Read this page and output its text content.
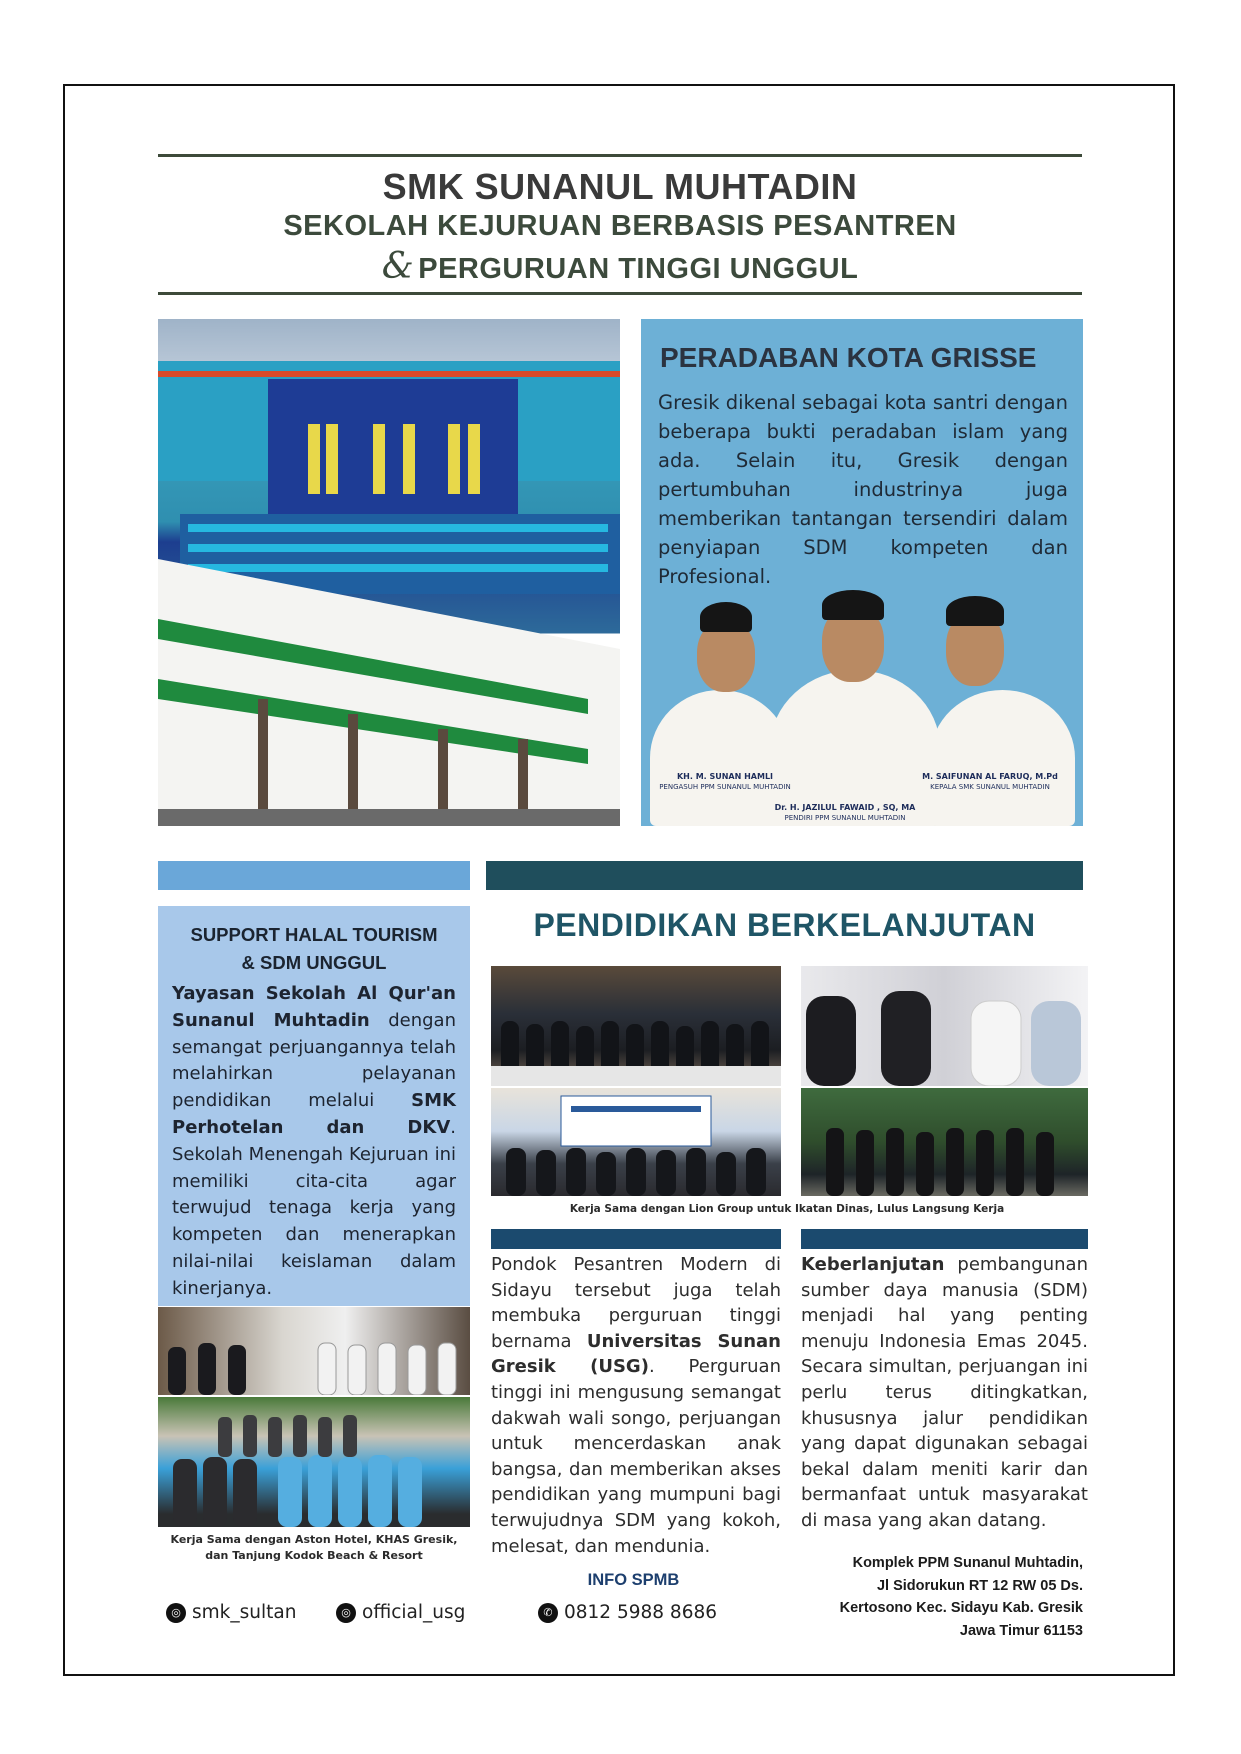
SMK SUNANUL MUHTADIN
SEKOLAH KEJURUAN BERBASIS PESANTREN
& PERGURUAN TINGGI UNGGUL
PERADABAN KOTA GRISSE
Gresik dikenal sebagai kota santri dengan beberapa bukti peradaban islam yang ada. Selain itu, Gresik dengan pertumbuhan industrinya juga memberikan tantangan tersendiri dalam penyiapan SDM kompeten dan Profesional.
KH. M. SUNAN HAMLI
PENGASUH PPM SUNANUL MUHTADIN
Dr. H. JAZILUL FAWAID , SQ, MA
PENDIRI PPM SUNANUL MUHTADIN
M. SAIFUNAN AL FARUQ, M.Pd
KEPALA SMK SUNANUL MUHTADIN
SUPPORT HALAL TOURISM
& SDM UNGGUL
Yayasan Sekolah Al Qur'an Sunanul Muhtadin dengan semangat perjuangannya telah melahirkan pelayanan pendidikan melalui SMK Perhotelan dan DKV. Sekolah Menengah Kejuruan ini memiliki cita-cita agar terwujud tenaga kerja yang kompeten dan menerapkan nilai-nilai keislaman dalam kinerjanya.
PENDIDIKAN BERKELANJUTAN
Kerja Sama dengan Lion Group untuk Ikatan Dinas, Lulus Langsung Kerja
Pondok Pesantren Modern di Sidayu tersebut juga telah membuka perguruan tinggi bernama Universitas Sunan Gresik (USG). Perguruan tinggi ini mengusung semangat dakwah wali songo, perjuangan untuk mencerdaskan anak bangsa, dan memberikan akses pendidikan yang mumpuni bagi terwujudnya SDM yang kokoh, melesat, dan mendunia.
Keberlanjutan pembangunan sumber daya manusia (SDM) menjadi hal yang penting menuju Indonesia Emas 2045. Secara simultan, perjuangan ini perlu terus ditingkatkan, khususnya jalur pendidikan yang dapat digunakan sebagai bekal dalam meniti karir dan bermanfaat untuk masyarakat di masa yang akan datang.
Kerja Sama dengan Aston Hotel, KHAS Gresik, dan Tanjung Kodok Beach & Resort
◎ smk_sultan	◎ official_usg
INFO SPMB
✆ 0812 5988 8686
Komplek PPM Sunanul Muhtadin,
Jl Sidorukun RT 12 RW 05 Ds.
Kertosono Kec. Sidayu Kab. Gresik
Jawa Timur 61153
